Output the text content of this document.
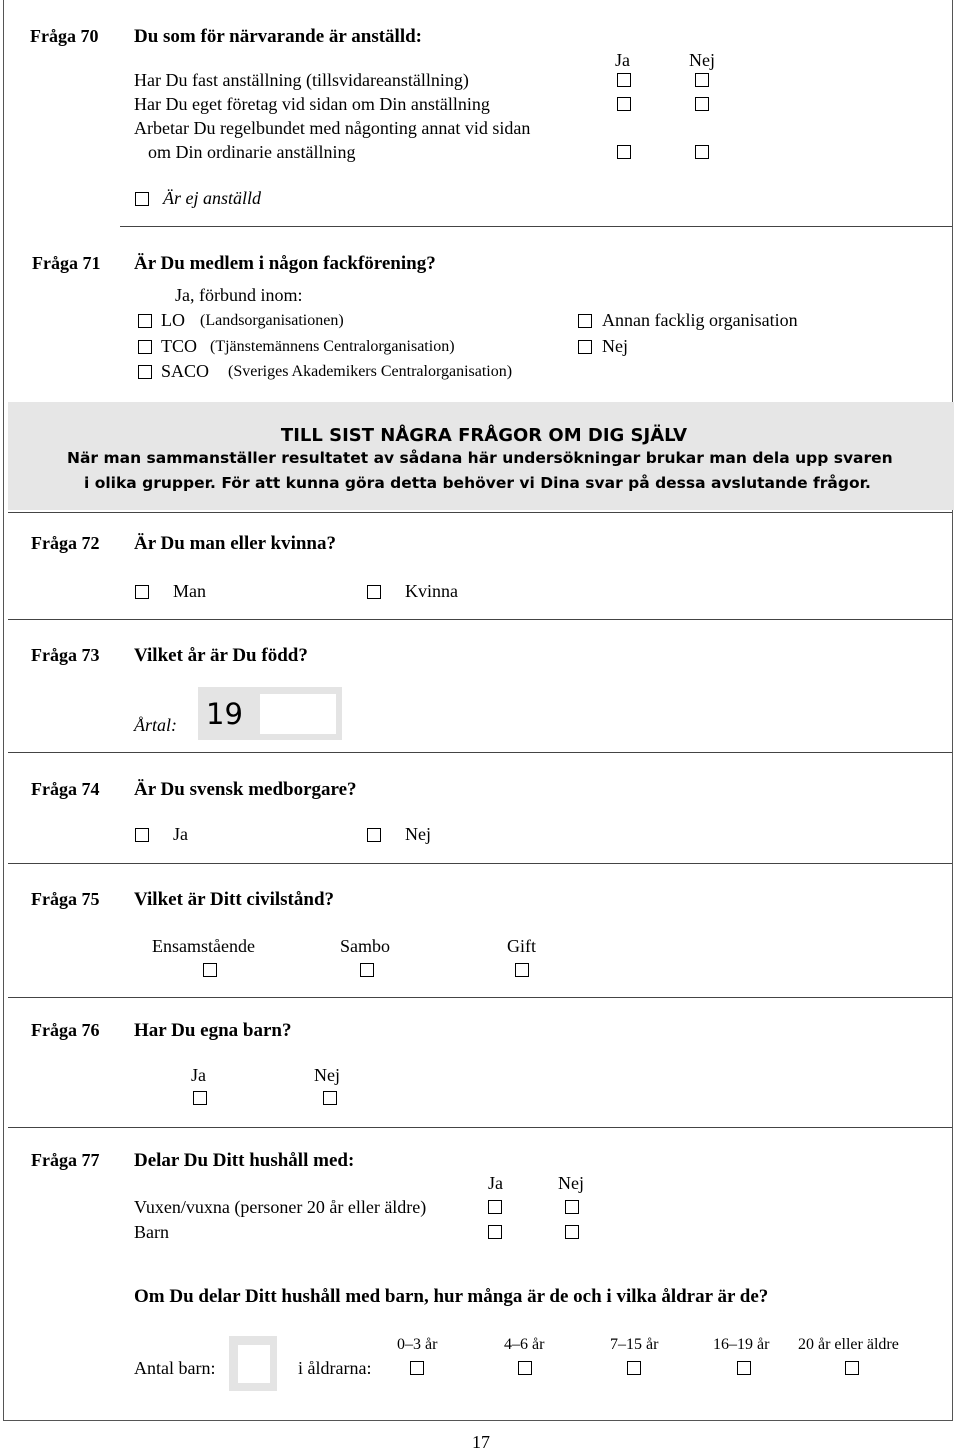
Fråga 70 Du som för närvarande är anställd:
Ja	Nej
Har Du fast anställning (tillsvidareanställning)
Har Du eget företag vid sidan om Din anställning
Arbetar Du regelbundet med någonting annat vid sidan
om Din ordinarie anställning
Är ej anställd
Fråga 71 Är Du medlem i någon fackförening?
Ja, förbund inom:
LO (Landsorganisationen)	Annan facklig organisation
TCO (Tjänstemännens Centralorganisation)	Nej
SACO (Sveriges Akademikers Centralorganisation)
TILL SIST NÅGRA FRÅGOR OM DIG SJÄLV
När man sammanställer resultatet av sådana här undersökningar brukar man dela upp svaren
i olika grupper. För att kunna göra detta behöver vi Dina svar på dessa avslutande frågor.
Fråga 72 Är Du man eller kvinna?
Man	Kvinna
Fråga 73 Vilket år är Du född?
Årtal: 19
Fråga 74 Är Du svensk medborgare?
Ja	Nej
Fråga 75 Vilket är Ditt civilstånd?
Ensamstående	Sambo	Gift
Fråga 76 Har Du egna barn?
Ja	Nej
Fråga 77 Delar Du Ditt hushåll med:
Ja	Nej
Vuxen/vuxna (personer 20 år eller äldre)
Barn
Om Du delar Ditt hushåll med barn, hur många är de och i vilka åldrar är de?
0–3 år	4–6 år	7–15 år	16–19 år 20 år eller äldre
Antal barn:	i åldrarna:
17
